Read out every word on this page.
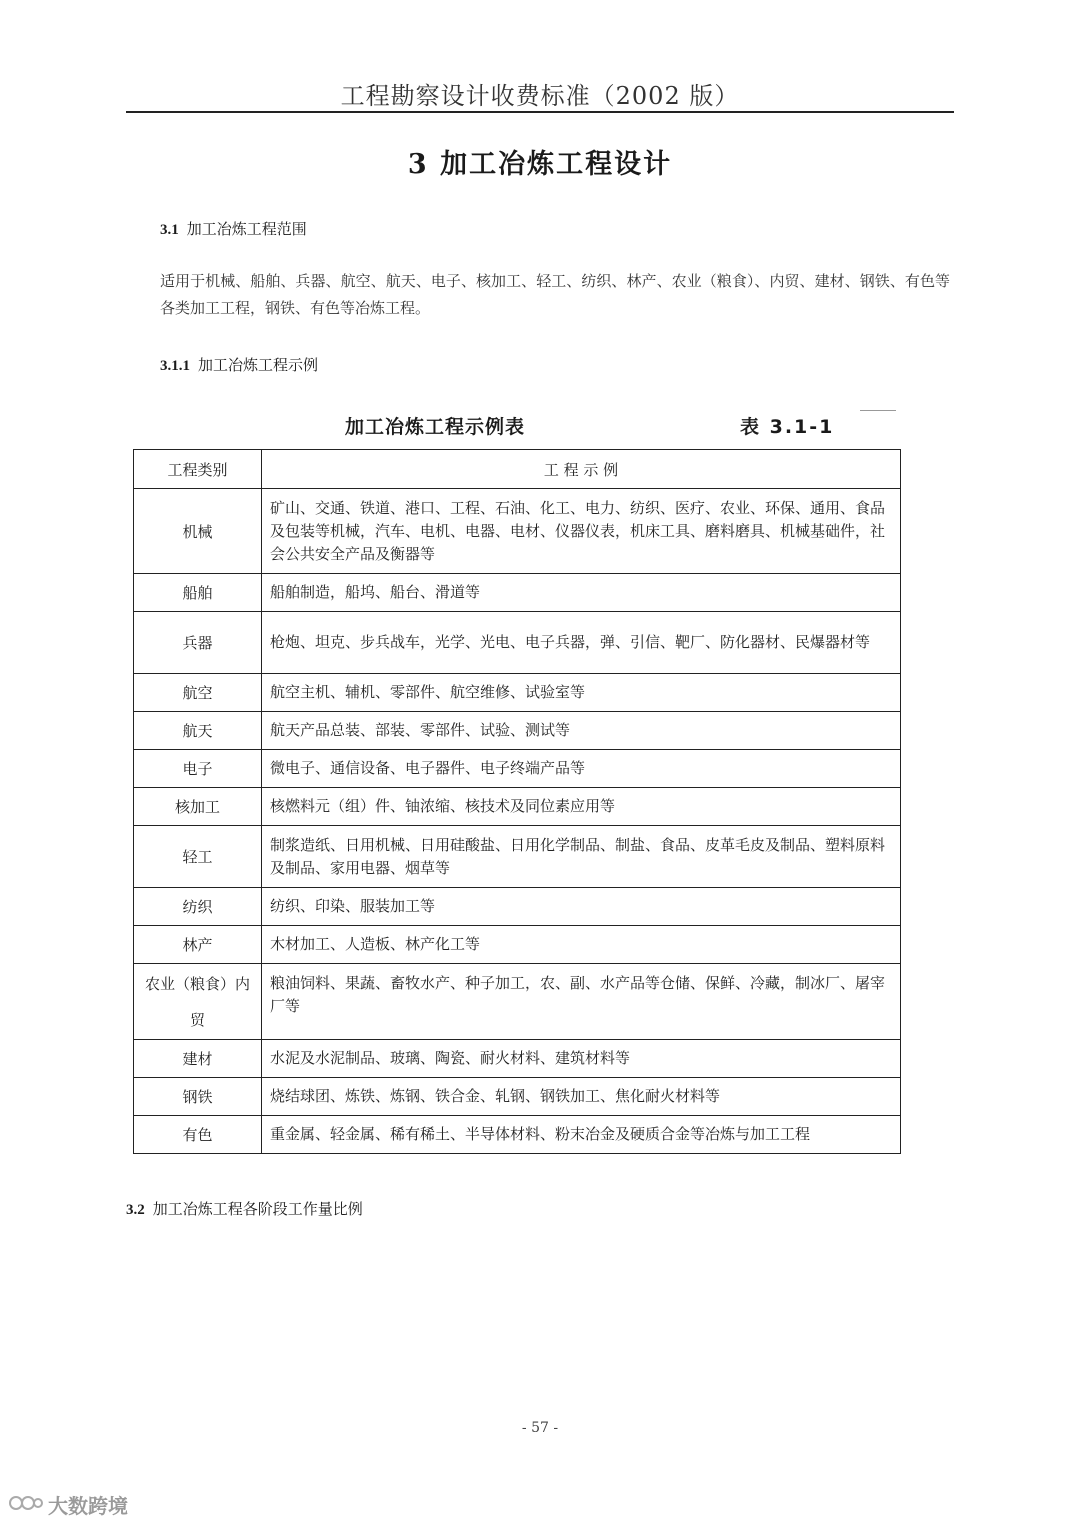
工程勘察设计收费标准（2002 版）
3 加工冶炼工程设计
3.1 加工冶炼工程范围
适用于机械、船舶、兵器、航空、航天、电子、核加工、轻工、纺织、林产、农业（粮食）、内贸、建材、钢铁、有色等各类加工工程，钢铁、有色等冶炼工程。
3.1.1 加工冶炼工程示例
加工冶炼工程示例表	表 3.1-1
工程类别	工 程 示 例
机械	矿山、交通、铁道、港口、工程、石油、化工、电力、纺织、医疗、农业、环保、通用、食品及包装等机械，汽车、电机、电器、电材、仪器仪表，机床工具、磨料磨具、机械基础件，社会公共安全产品及衡器等
船舶	船舶制造，船坞、船台、滑道等
兵器	枪炮、坦克、步兵战车，光学、光电、电子兵器，弹、引信、靶厂、防化器材、民爆器材等
航空	航空主机、辅机、零部件、航空维修、试验室等
航天	航天产品总装、部装、零部件、试验、测试等
电子	微电子、通信设备、电子器件、电子终端产品等
核加工	核燃料元（组）件、铀浓缩、核技术及同位素应用等
轻工	制浆造纸、日用机械、日用硅酸盐、日用化学制品、制盐、食品、皮革毛皮及制品、塑料原料及制品、家用电器、烟草等
纺织	纺织、印染、服装加工等
林产	木材加工、人造板、林产化工等
农业（粮食）内贸	粮油饲料、果蔬、畜牧水产、种子加工，农、副、水产品等仓储、保鲜、冷藏，制冰厂、屠宰厂等
建材	水泥及水泥制品、玻璃、陶瓷、耐火材料、建筑材料等
钢铁	烧结球团、炼铁、炼钢、铁合金、轧钢、钢铁加工、焦化耐火材料等
有色	重金属、轻金属、稀有稀土、半导体材料、粉末冶金及硬质合金等冶炼与加工工程
3.2 加工冶炼工程各阶段工作量比例
- 57 -
大数跨境
